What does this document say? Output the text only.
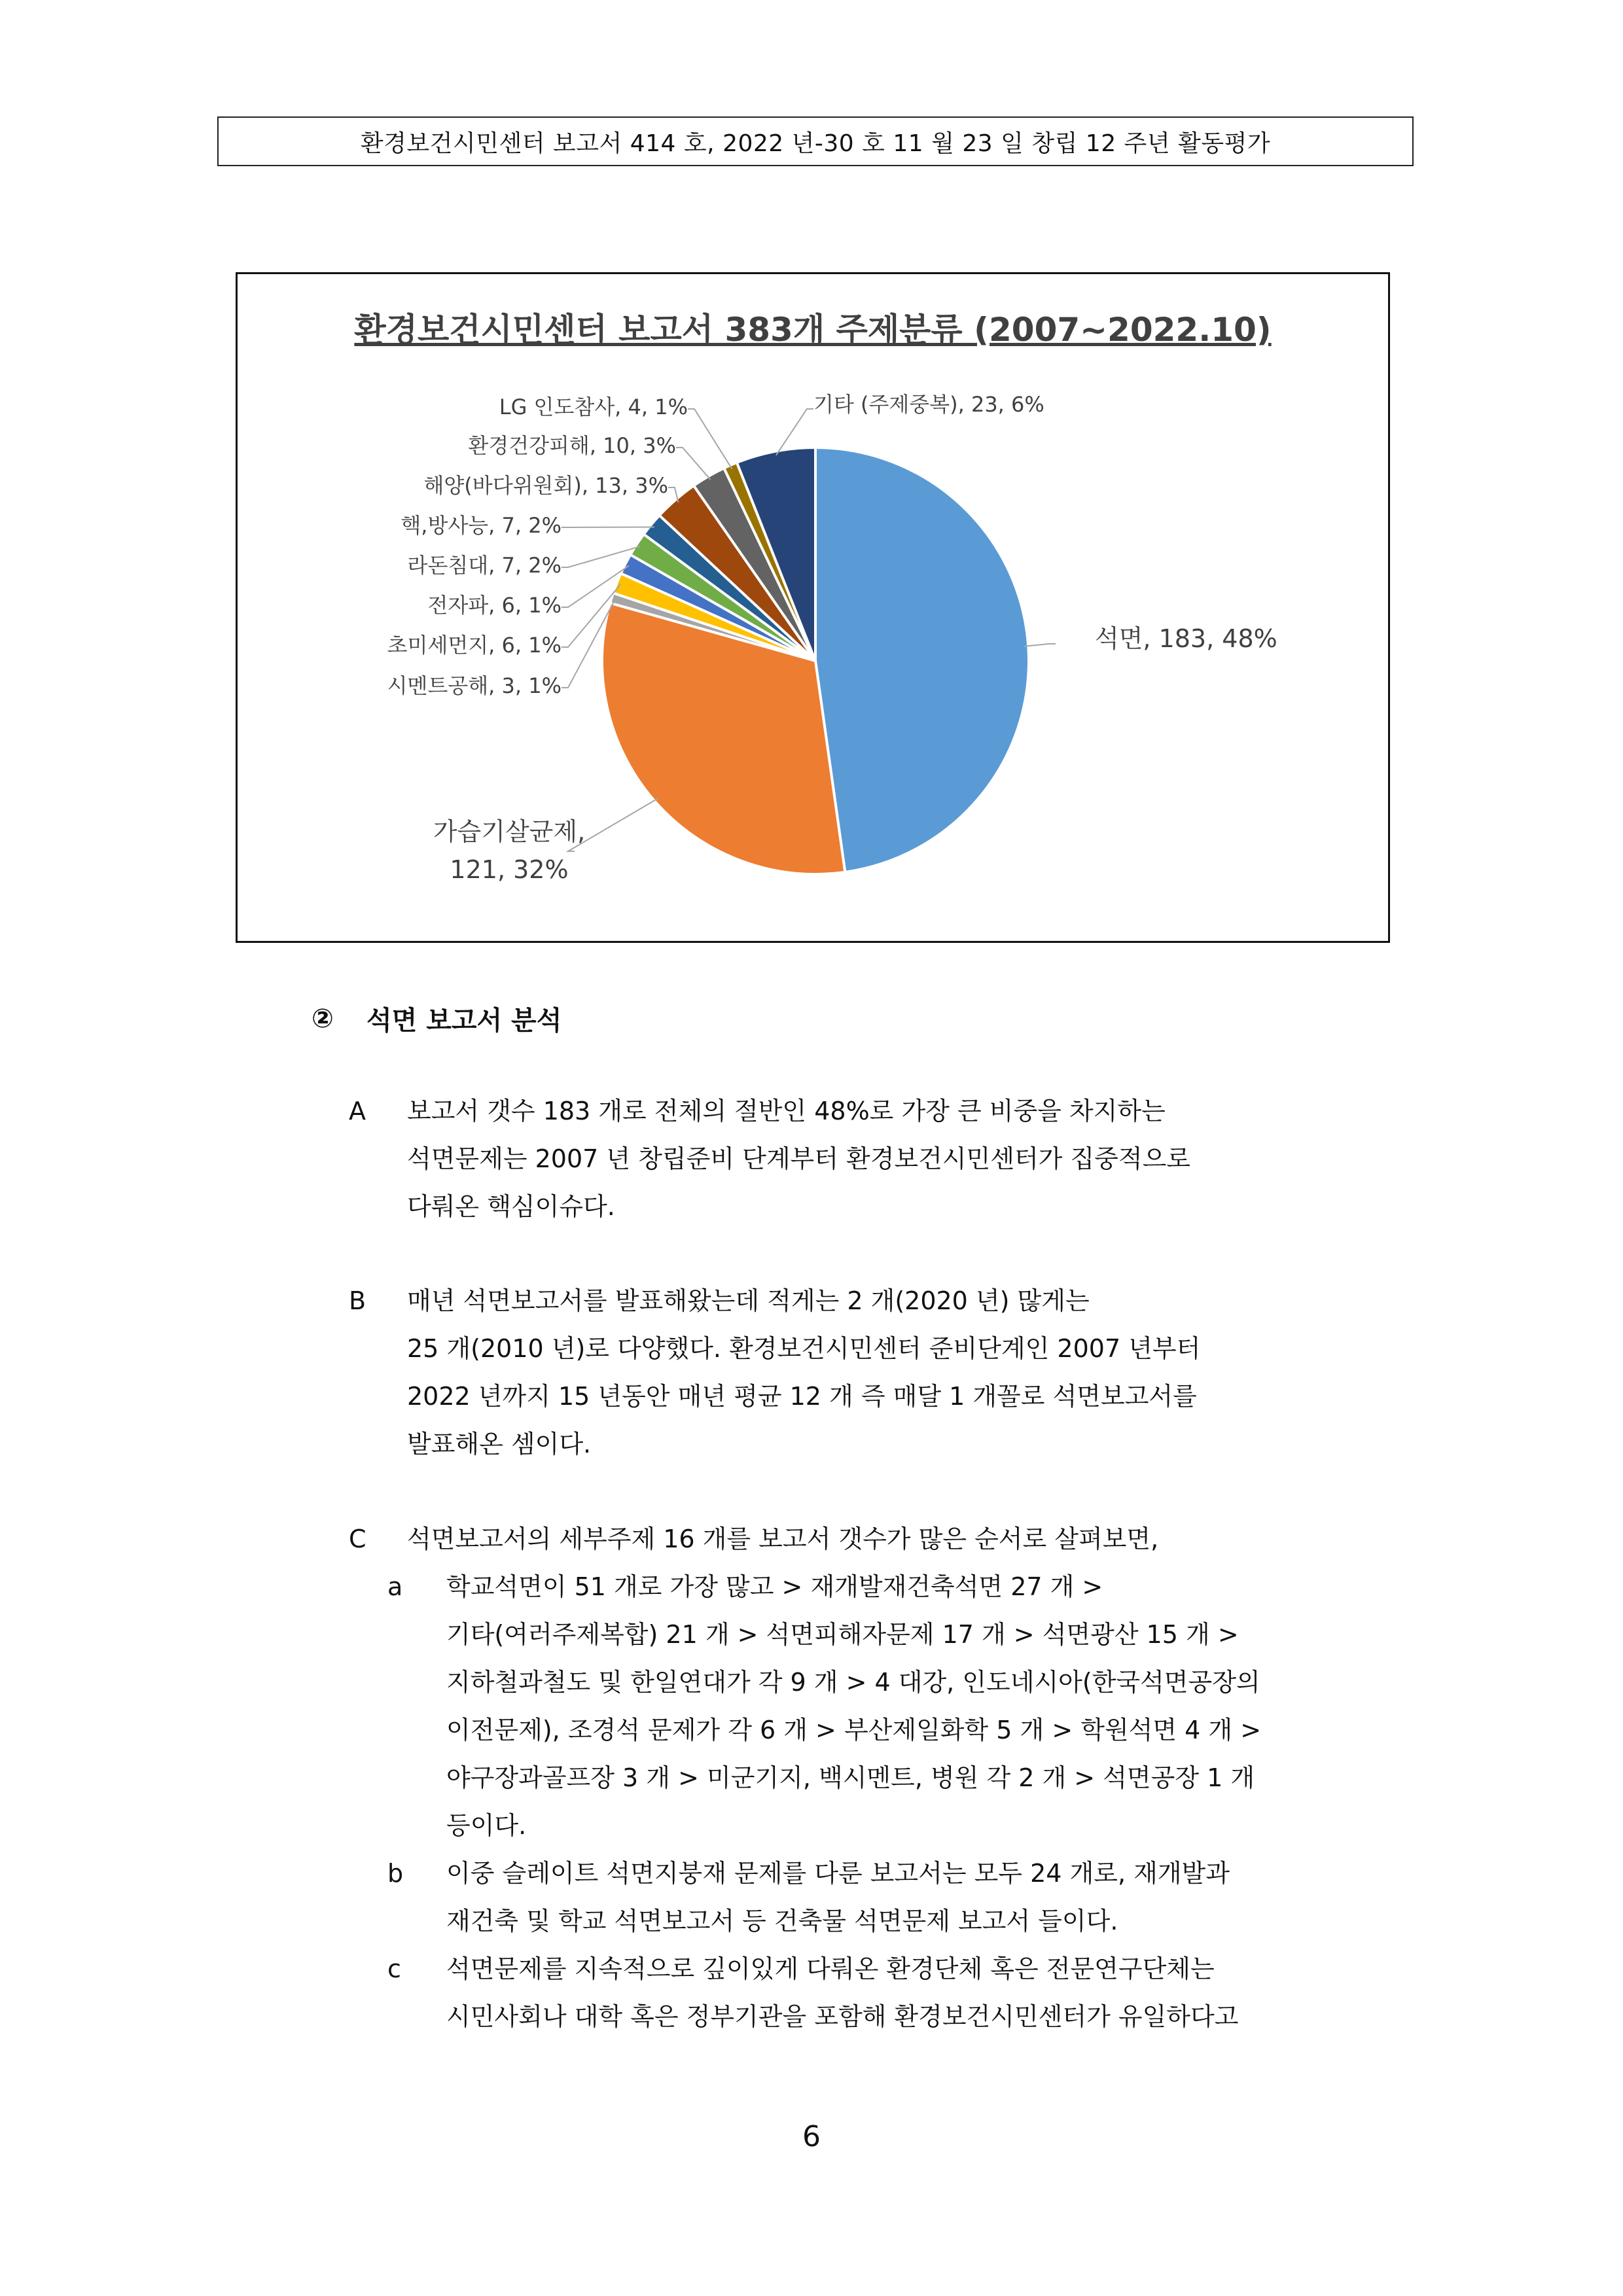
환경보건시민센터 보고서 414 호, 2022 년-30 호 11 월 23 일 창립 12 주년 활동평가
환경보건시민센터 보고서 383개 주제분류 (2007~2022.10)
석면, 183, 48%
가습기살균제, 121, 32%
시멘트공해, 3, 1%
초미세먼지, 6, 1%
전자파, 6, 1%
라돈침대, 7, 2%
핵,방사능, 7, 2%
해양(바다위원회), 13, 3%
환경건강피해, 10, 3%
LG 인도참사, 4, 1%	기타 (주제중복), 23, 6%
②	석면 보고서 분석
A 보고서 갯수 183 개로 전체의 절반인 48%로 가장 큰 비중을 차지하는
석면문제는 2007 년 창립준비 단계부터 환경보건시민센터가 집중적으로
다뤄온 핵심이슈다.
B 매년 석면보고서를 발표해왔는데 적게는 2 개(2020 년) 많게는
25 개(2010 년)로 다양했다. 환경보건시민센터 준비단계인 2007 년부터
2022 년까지 15 년동안 매년 평균 12 개 즉 매달 1 개꼴로 석면보고서를
발표해온 셈이다.
C 석면보고서의 세부주제 16 개를 보고서 갯수가 많은 순서로 살펴보면,
a 학교석면이 51 개로 가장 많고 > 재개발재건축석면 27 개 >
기타(여러주제복합) 21 개 > 석면피해자문제 17 개 > 석면광산 15 개 >
지하철과철도 및 한일연대가 각 9 개 > 4 대강, 인도네시아(한국석면공장의
이전문제), 조경석 문제가 각 6 개 > 부산제일화학 5 개 > 학원석면 4 개 >
야구장과골프장 3 개 > 미군기지, 백시멘트, 병원 각 2 개 > 석면공장 1 개
등이다.
b 이중 슬레이트 석면지붕재 문제를 다룬 보고서는 모두 24 개로, 재개발과
재건축 및 학교 석면보고서 등 건축물 석면문제 보고서 들이다.
c 석면문제를 지속적으로 깊이있게 다뤄온 환경단체 혹은 전문연구단체는
시민사회나 대학 혹은 정부기관을 포함해 환경보건시민센터가 유일하다고
6
